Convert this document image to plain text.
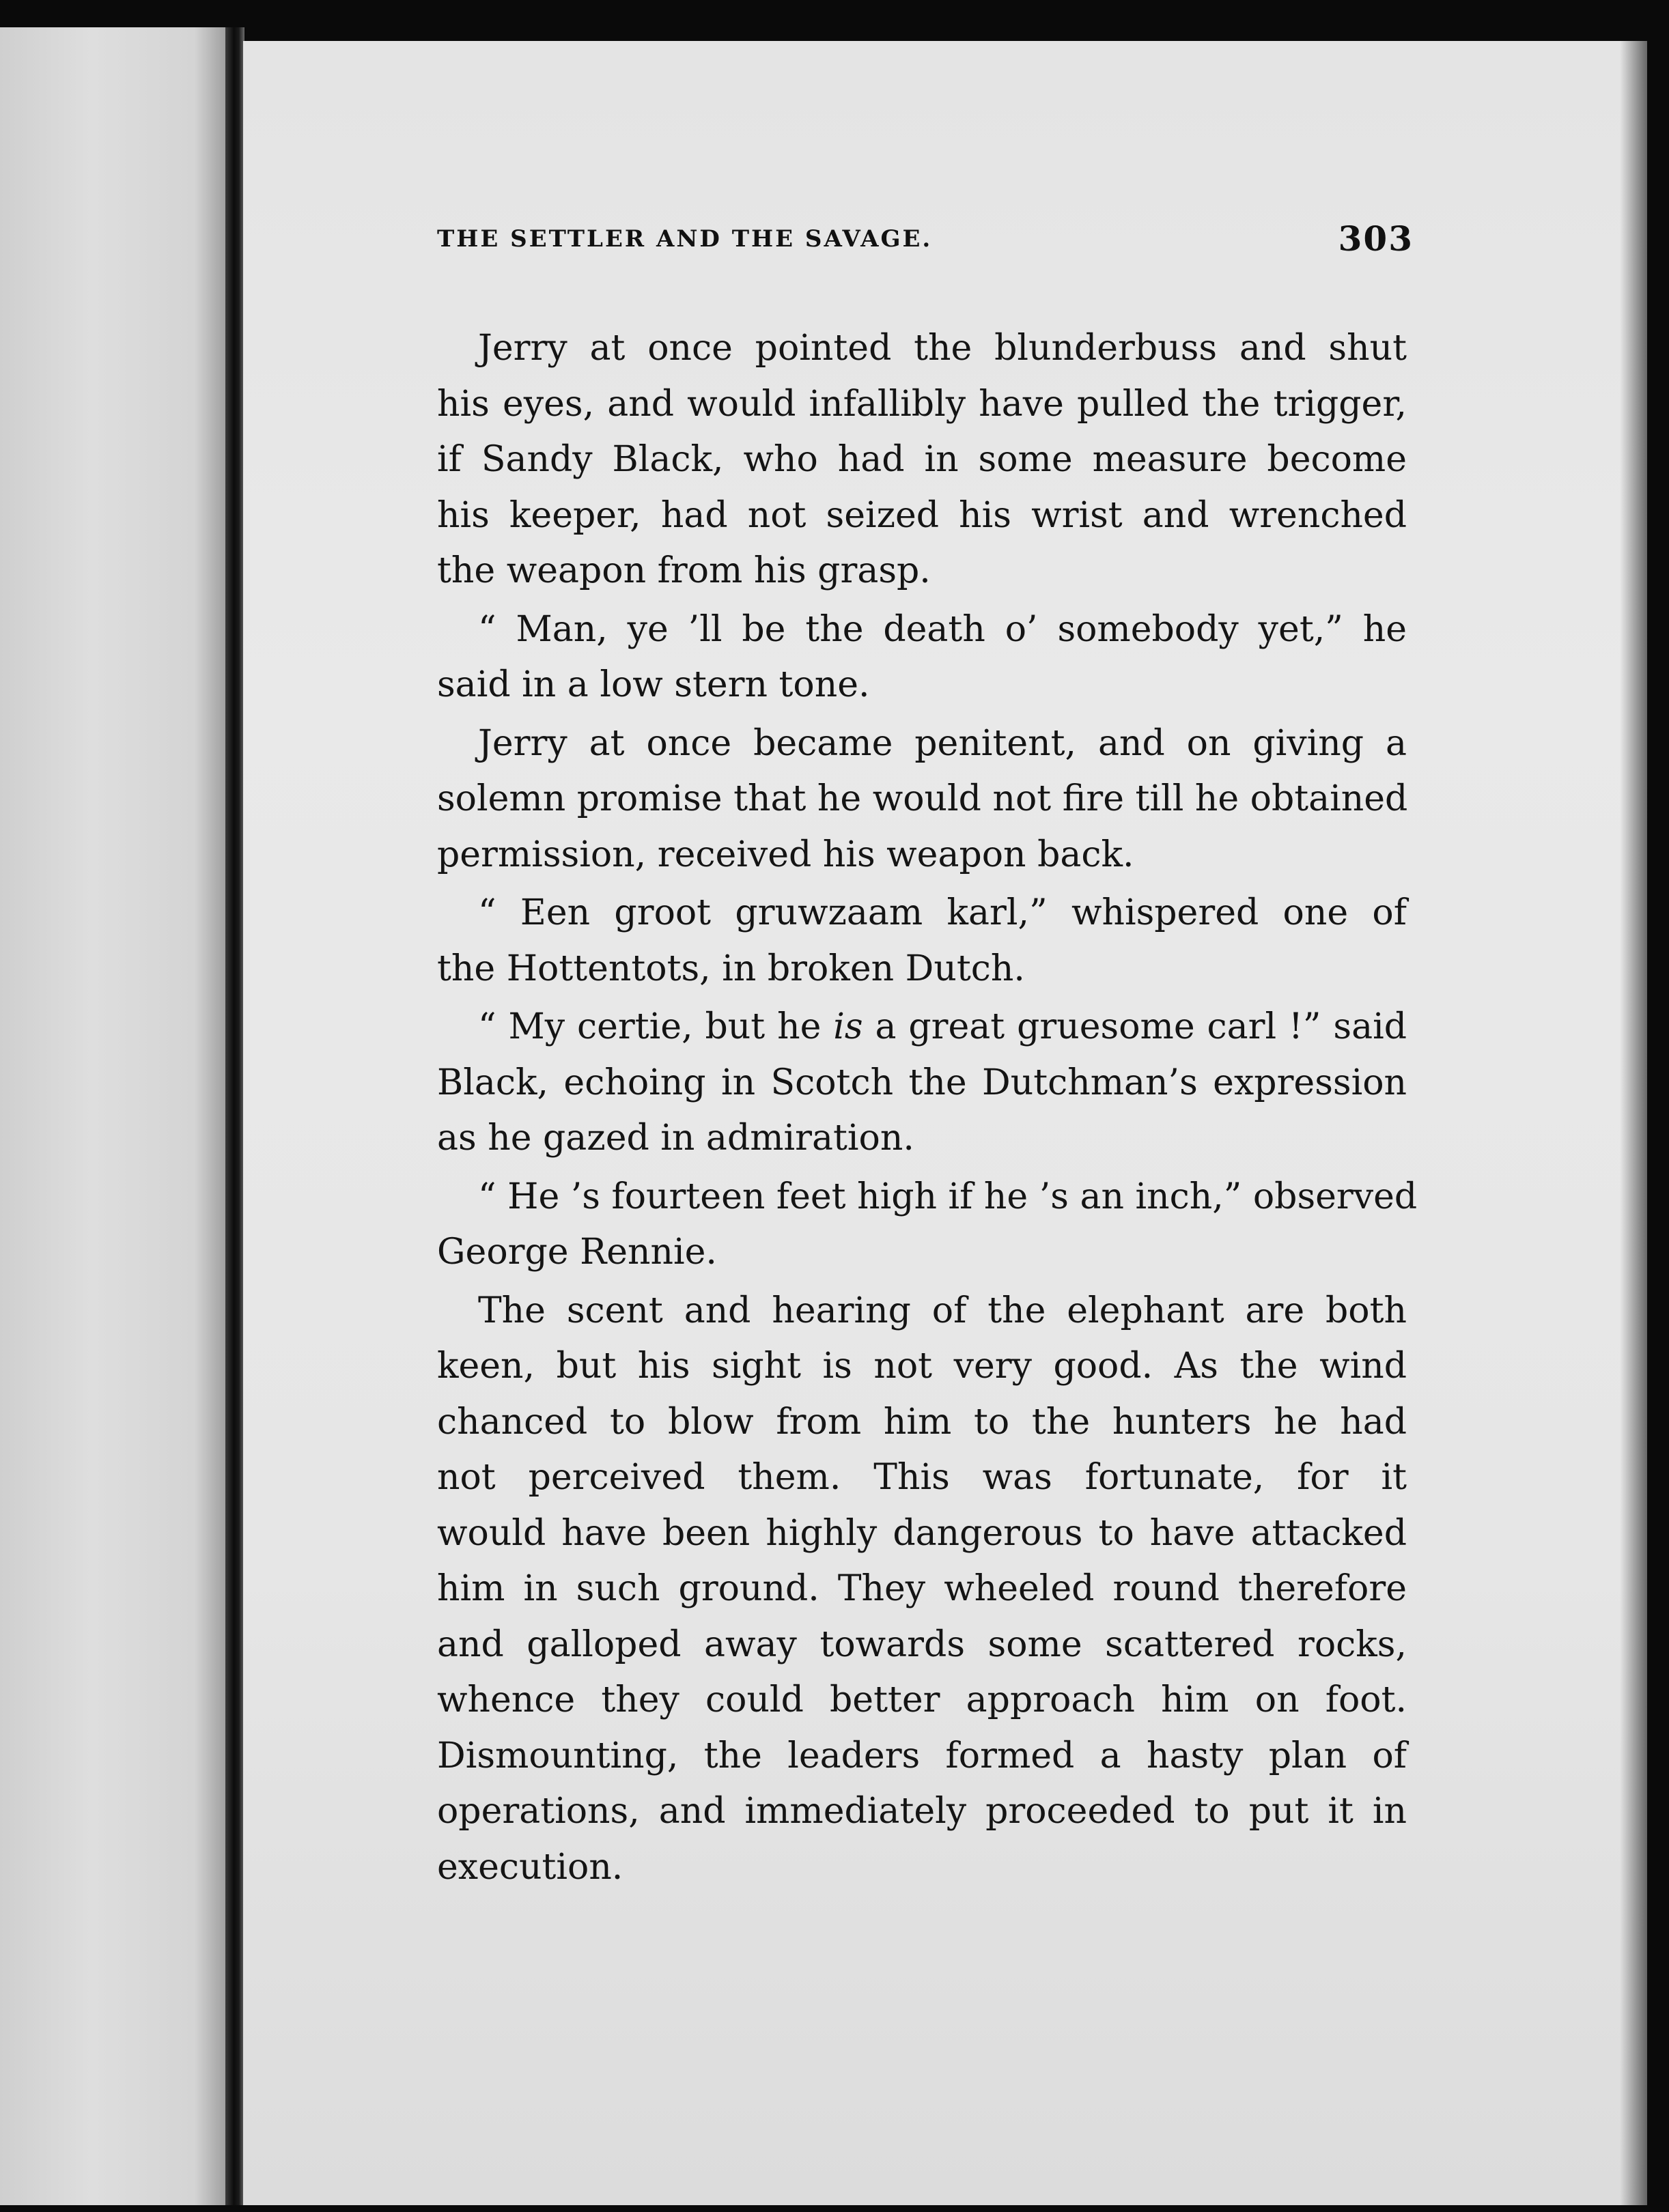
THE SETTLER AND THE SAVAGE.	303
Jerry at once pointed the blunderbuss and shut
his eyes, and would infallibly have pulled the trigger,
if Sandy Black, who had in some measure become
his keeper, had not seized his wrist and wrenched
the weapon from his grasp.
“ Man, ye ’ll be the death o’ somebody yet,” he
said in a low stern tone.
Jerry at once became penitent, and on giving a
solemn promise that he would not fire till he obtained
permission, received his weapon back.
“ Een groot gruwzaam karl,” whispered one of
the Hottentots, in broken Dutch.
“ My certie, but he is a great gruesome carl !” said
Black, echoing in Scotch the Dutchman’s expression
as he gazed in admiration.
“ He ’s fourteen feet high if he ’s an inch,” observed
George Rennie.
The scent and hearing of the elephant are both
keen, but his sight is not very good. As the wind
chanced to blow from him to the hunters he had
not perceived them. This was fortunate, for it
would have been highly dangerous to have attacked
him in such ground. They wheeled round therefore
and galloped away towards some scattered rocks,
whence they could better approach him on foot.
Dismounting, the leaders formed a hasty plan of
operations, and immediately proceeded to put it in
execution.
